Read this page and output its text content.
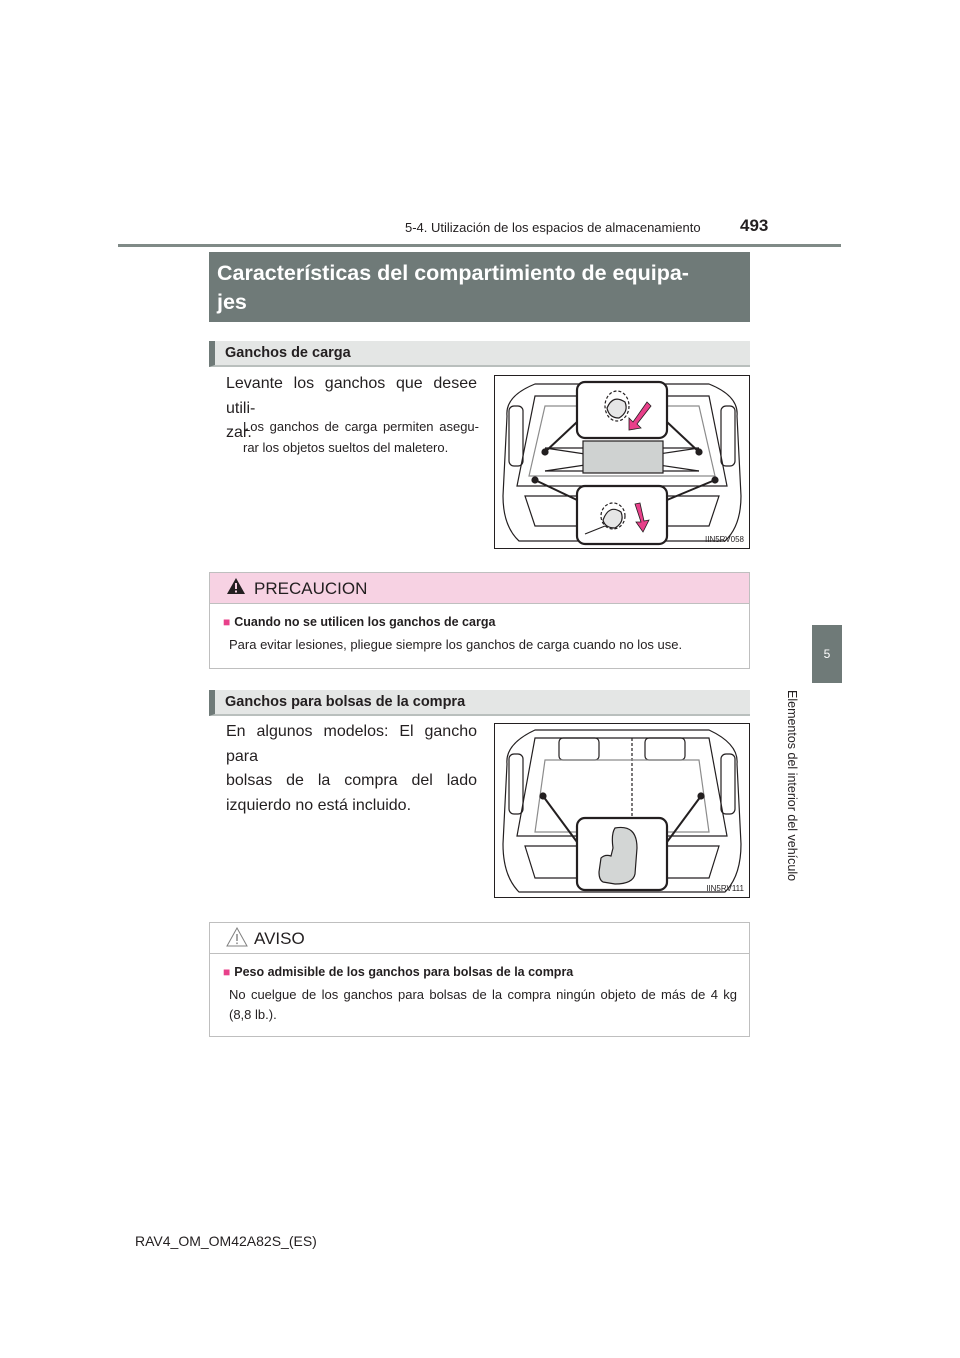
5-4. Utilización de los espacios de almacenamiento 493
5
Elementos del interior del vehículo
Características del compartimiento de equipa-
jes
Ganchos de carga
Levante los ganchos que desee utili-
zar.
Los ganchos de carga permiten asegu-
rar los objetos sueltos del maletero.
IIN5RV058
PRECAUCION
■ Cuando no se utilicen los ganchos de carga
Para evitar lesiones, pliegue siempre los ganchos de carga cuando no los use.
Ganchos para bolsas de la compra
En algunos modelos: El gancho para
bolsas de la compra del lado
izquierdo no está incluido.
IIN5RV111
AVISO
■ Peso admisible de los ganchos para bolsas de la compra
No cuelgue de los ganchos para bolsas de la compra ningún objeto de más de 4 kg
(8,8 lb.).
RAV4_OM_OM42A82S_(ES)
